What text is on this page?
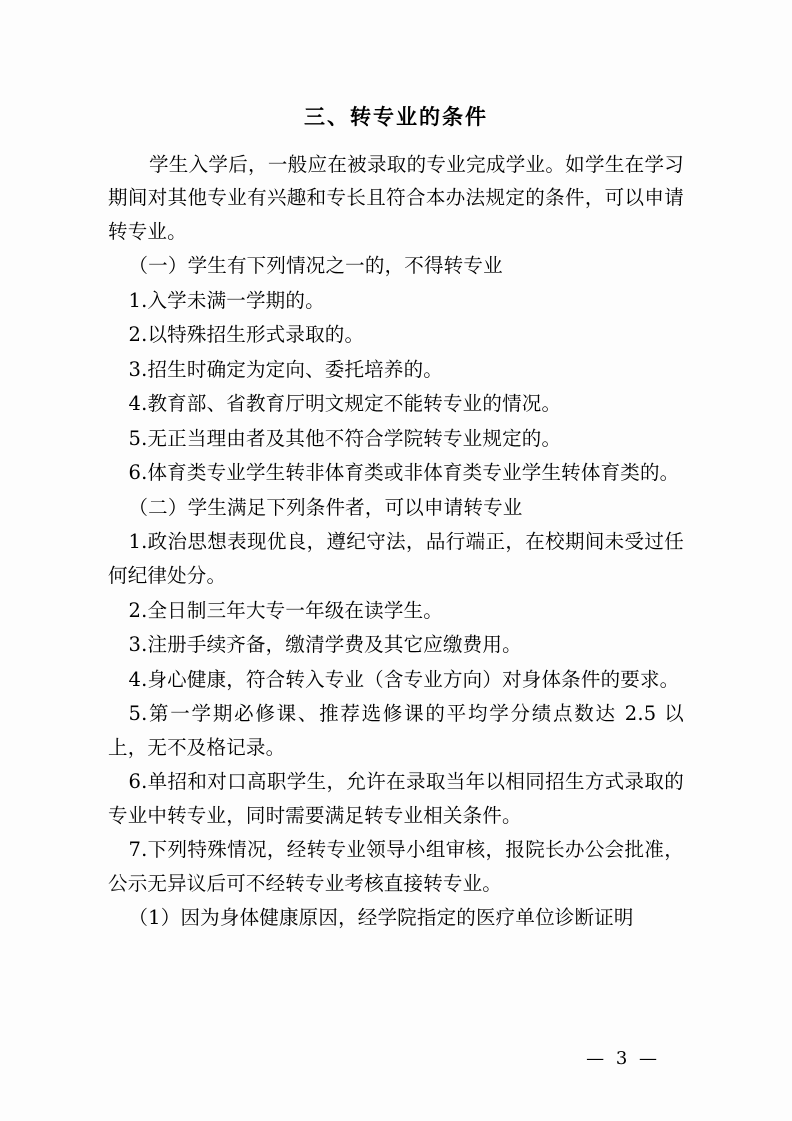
三、转专业的条件

学生入学后，一般应在被录取的专业完成学业。如学生在学习期间对其他专业有兴趣和专长且符合本办法规定的条件，可以申请转专业。

（一）学生有下列情况之一的，不得转专业

1.入学未满一学期的。

2.以特殊招生形式录取的。

3.招生时确定为定向、委托培养的。

4.教育部、省教育厅明文规定不能转专业的情况。

5.无正当理由者及其他不符合学院转专业规定的。

6.体育类专业学生转非体育类或非体育类专业学生转体育类的。

（二）学生满足下列条件者，可以申请转专业

1.政治思想表现优良，遵纪守法，品行端正，在校期间未受过任何纪律处分。

2.全日制三年大专一年级在读学生。

3.注册手续齐备，缴清学费及其它应缴费用。

4.身心健康，符合转入专业（含专业方向）对身体条件的要求。

5.第一学期必修课、推荐选修课的平均学分绩点数达 2.5 以上，无不及格记录。

6.单招和对口高职学生，允许在录取当年以相同招生方式录取的专业中转专业，同时需要满足转专业相关条件。

7.下列特殊情况，经转专业领导小组审核，报院长办公会批准，公示无异议后可不经转专业考核直接转专业。

（1）因为身体健康原因，经学院指定的医疗单位诊断证明

— 3 —
